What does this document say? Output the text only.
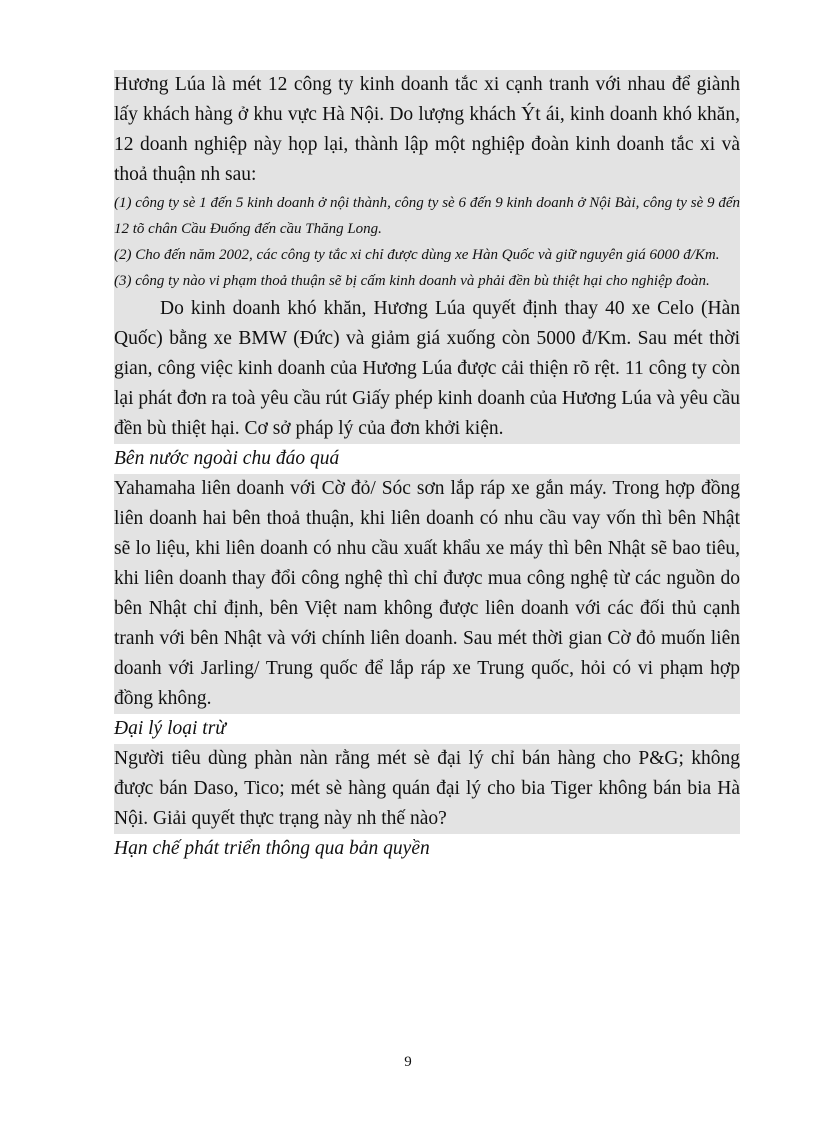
Hương Lúa là mét 12 công ty kinh doanh tắc xi cạnh tranh với nhau để giành lấy khách hàng ở khu vực Hà Nội. Do lượng khách Ýt ái, kinh doanh khó khăn, 12 doanh nghiệp này họp lại, thành lập một nghiệp đoàn kinh doanh tắc xi và thoả thuận nh sau:

(1) công ty sè 1 đến 5 kinh doanh ở nội thành, công ty sè 6 đến 9 kinh doanh ở Nội Bài, công ty sè 9 đến 12 tõ chân Cầu Đuống đến cầu Thăng Long.

(2) Cho đến năm 2002, các công ty tắc xi chỉ được dùng xe Hàn Quốc và giữ nguyên giá 6000 đ/Km.

(3) công ty nào vi phạm thoả thuận sẽ bị cấm kinh doanh và phải đền bù thiệt hại cho nghiệp đoàn.

Do kinh doanh khó khăn, Hương Lúa quyết định thay 40 xe Celo (Hàn Quốc) bằng xe BMW (Đức) và giảm giá xuống còn 5000 đ/Km. Sau mét thời gian, công việc kinh doanh của Hương Lúa được cải thiện rõ rệt. 11 công ty còn lại phát đơn ra toà yêu cầu rút Giấy phép kinh doanh của Hương Lúa và yêu cầu đền bù thiệt hại. Cơ sở pháp lý của đơn khởi kiện.

Bên nước ngoài chu đáo quá

Yahamaha liên doanh với Cờ đỏ/ Sóc sơn lắp ráp xe gắn máy. Trong hợp đồng liên doanh hai bên thoả thuận, khi liên doanh có nhu cầu vay vốn thì bên Nhật sẽ lo liệu, khi liên doanh có nhu cầu xuất khẩu xe máy thì bên Nhật sẽ bao tiêu, khi liên doanh thay đổi công nghệ thì chỉ được mua công nghệ từ các nguồn do bên Nhật chỉ định, bên Việt nam không được liên doanh với các đối thủ cạnh tranh với bên Nhật và với chính liên doanh. Sau mét thời gian Cờ đỏ muốn liên doanh với Jarling/ Trung quốc để lắp ráp xe Trung quốc, hỏi có vi phạm hợp đồng không.

Đại lý loại trừ

Người tiêu dùng phàn nàn rằng mét sè đại lý chỉ bán hàng cho P&G; không được bán Daso, Tico; mét sè hàng quán đại lý cho bia Tiger không bán bia Hà Nội. Giải quyết thực trạng này nh thế nào?

Hạn chế phát triển thông qua bản quyền

9
